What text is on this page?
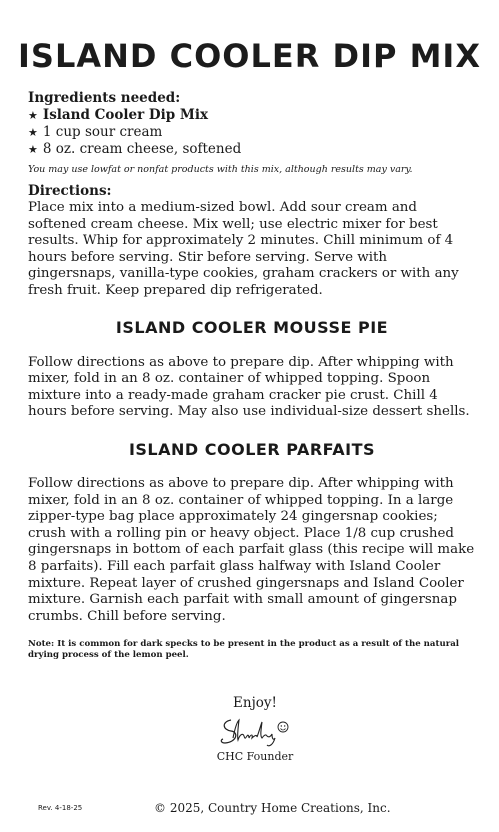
ISLAND COOLER DIP MIX
Ingredients needed:
★ Island Cooler Dip Mix
★ 1 cup sour cream
★ 8 oz. cream cheese, softened
You may use lowfat or nonfat products with this mix, although results may vary.
Directions:

Place mix into a medium-sized bowl. Add sour cream and softened cream cheese. Mix well; use electric mixer for best results. Whip for approximately 2 minutes. Chill minimum of 4 hours before serving. Stir before serving. Serve with gingersnaps, vanilla-type cookies, graham crackers or with any fresh fruit. Keep prepared dip refrigerated.

ISLAND COOLER MOUSSE PIE

Follow directions as above to prepare dip. After whipping with mixer, fold in an 8 oz. container of whipped topping. Spoon mixture into a ready-made graham cracker pie crust. Chill 4 hours before serving. May also use individual-size dessert shells.

ISLAND COOLER PARFAITS

Follow directions as above to prepare dip. After whipping with mixer, fold in an 8 oz. container of whipped topping. In a large zipper-type bag place approximately 24 gingersnap cookies; crush with a rolling pin or heavy object. Place 1/8 cup crushed gingersnaps in bottom of each parfait glass (this recipe will make 8 parfaits). Fill each parfait glass halfway with Island Cooler mixture. Repeat layer of crushed gingersnaps and Island Cooler mixture. Garnish each parfait with small amount of gingersnap crumbs. Chill before serving.

Note: It is common for dark specks to be present in the product as a result of the natural drying process of the lemon peel.
Enjoy!
CHC Founder
Rev. 4-18-25	© 2025, Country Home Creations, Inc.
